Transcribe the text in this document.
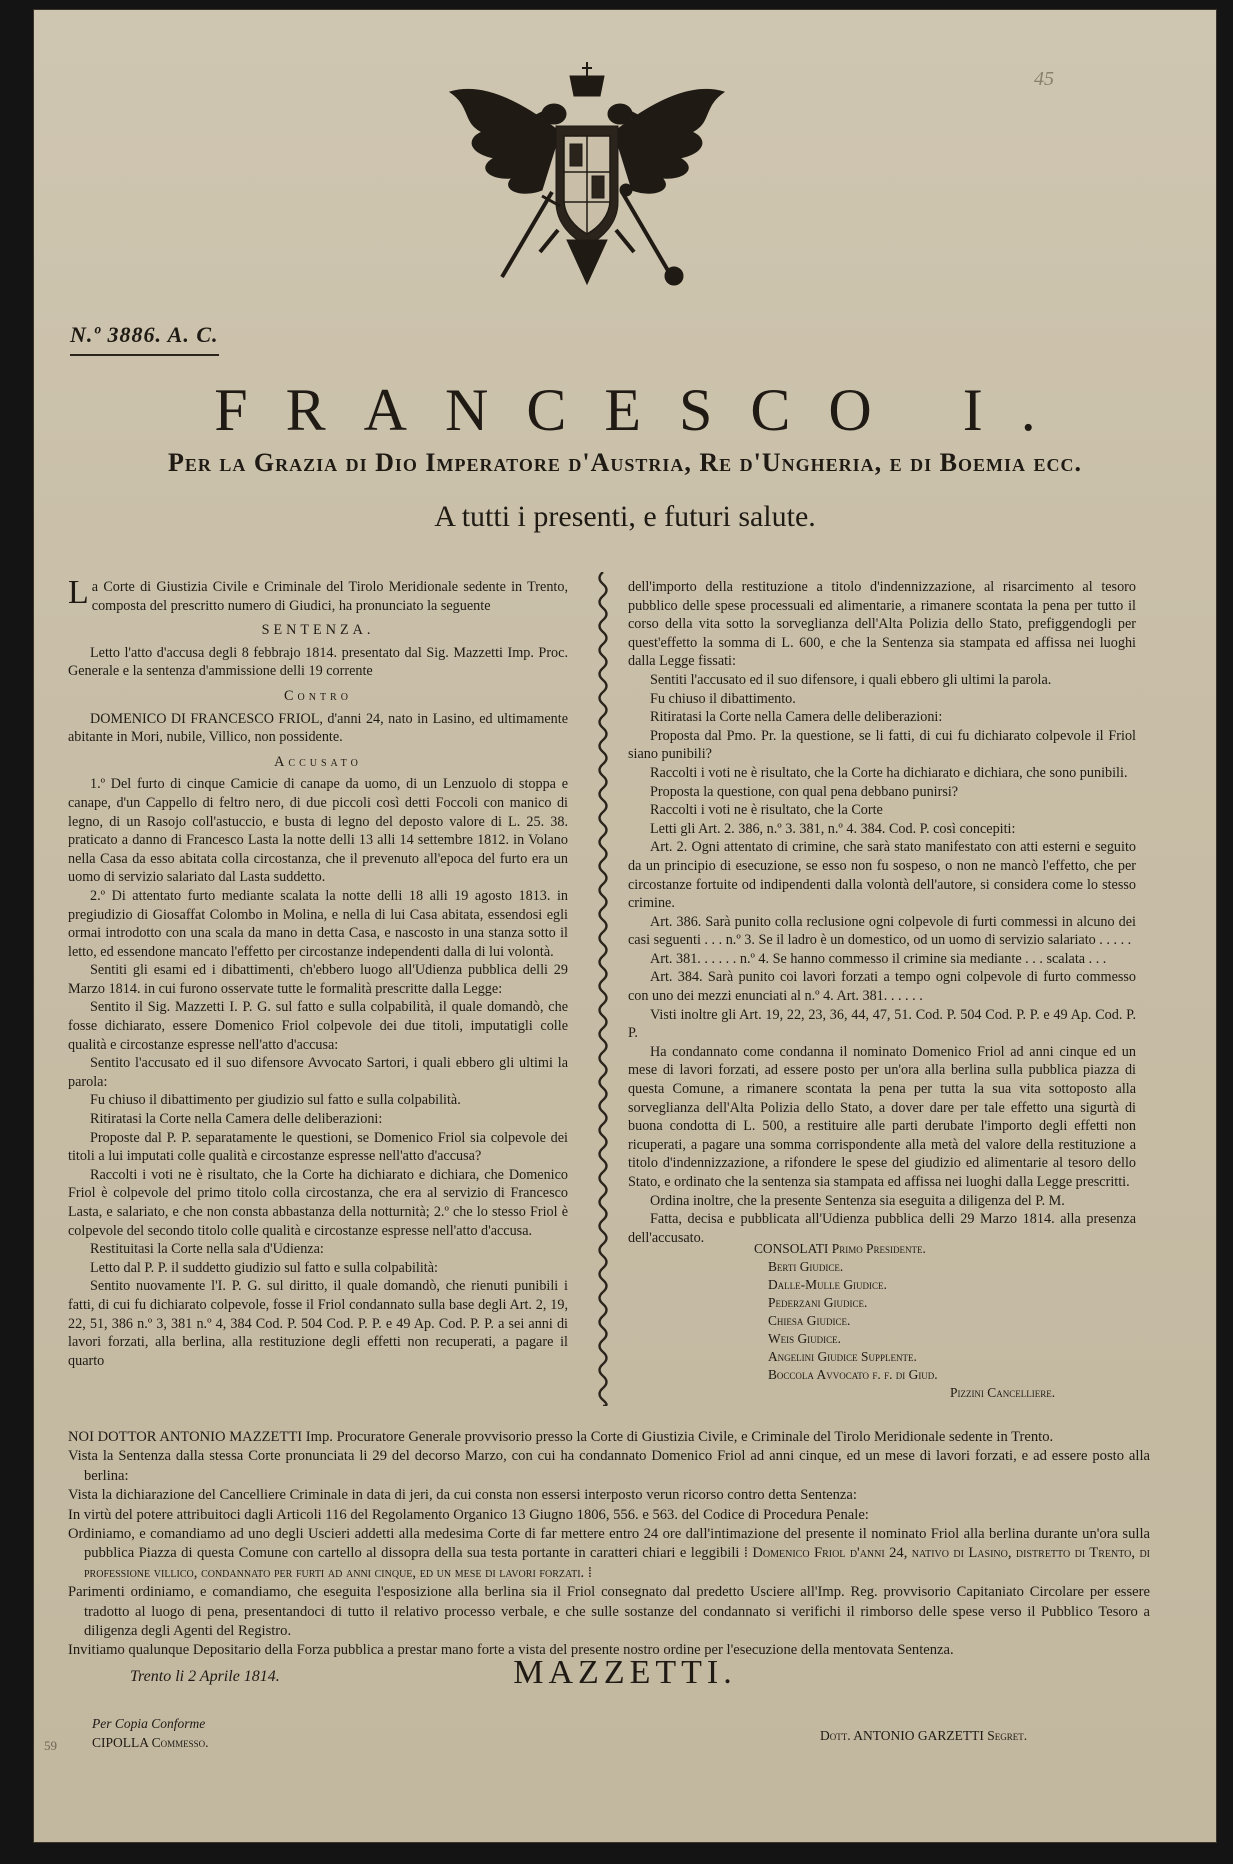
45
N.º 3886. A. C.
FRANCESCO I.
Per la Grazia di Dio Imperatore d'Austria, Re d'Ungheria, e di Boemia ecc.
A tutti i presenti, e futuri salute.

La Corte di Giustizia Civile e Criminale del Tirolo Meridionale sedente in Trento, composta del prescritto numero di Giudici, ha pronunciato la seguente

SENTENZA.

Letto l'atto d'accusa degli 8 febbrajo 1814. presentato dal Sig. Mazzetti Imp. Proc. Generale e la sentenza d'ammissione delli 19 corrente

Contro

DOMENICO DI FRANCESCO FRIOL, d'anni 24, nato in Lasino, ed ultimamente abitante in Mori, nubile, Villico, non possidente.

Accusato

1.º Del furto di cinque Camicie di canape da uomo, di un Lenzuolo di stoppa e canape, d'un Cappello di feltro nero, di due piccoli così detti Foccoli con manico di legno, di un Rasojo coll'astuccio, e busta di legno del deposto valore di L. 25. 38. praticato a danno di Francesco Lasta la notte delli 13 alli 14 settembre 1812. in Volano nella Casa da esso abitata colla circostanza, che il prevenuto all'epoca del furto era un uomo di servizio salariato dal Lasta suddetto.

2.º Di attentato furto mediante scalata la notte delli 18 alli 19 agosto 1813. in pregiudizio di Giosaffat Colombo in Molina, e nella di lui Casa abitata, essendosi egli ormai introdotto con una scala da mano in detta Casa, e nascosto in una stanza sotto il letto, ed essendone mancato l'effetto per circostanze independenti dalla di lui volontà.

Sentiti gli esami ed i dibattimenti, ch'ebbero luogo all'Udienza pubblica delli 29 Marzo 1814. in cui furono osservate tutte le formalità prescritte dalla Legge:

Sentito il Sig. Mazzetti I. P. G. sul fatto e sulla colpabilità, il quale domandò, che fosse dichiarato, essere Domenico Friol colpevole dei due titoli, imputatigli colle qualità e circostanze espresse nell'atto d'accusa:

Sentito l'accusato ed il suo difensore Avvocato Sartori, i quali ebbero gli ultimi la parola:

Fu chiuso il dibattimento per giudizio sul fatto e sulla colpabilità.

Ritiratasi la Corte nella Camera delle deliberazioni:

Proposte dal P. P. separatamente le questioni, se Domenico Friol sia colpevole dei titoli a lui imputati colle qualità e circostanze espresse nell'atto d'accusa?

Raccolti i voti ne è risultato, che la Corte ha dichiarato e dichiara, che Domenico Friol è colpevole del primo titolo colla circostanza, che era al servizio di Francesco Lasta, e salariato, e che non consta abbastanza della notturnità; 2.º che lo stesso Friol è colpevole del secondo titolo colle qualità e circostanze espresse nell'atto d'accusa.

Restituitasi la Corte nella sala d'Udienza:

Letto dal P. P. il suddetto giudizio sul fatto e sulla colpabilità:

Sentito nuovamente l'I. P. G. sul diritto, il quale domandò, che rienuti punibili i fatti, di cui fu dichiarato colpevole, fosse il Friol condannato sulla base degli Art. 2, 19, 22, 51, 386 n.º 3, 381 n.º 4, 384 Cod. P. 504 Cod. P. P. e 49 Ap. Cod. P. P. a sei anni di lavori forzati, alla berlina, alla restituzione degli effetti non recuperati, a pagare il quarto

dell'importo della restituzione a titolo d'indennizzazione, al risarcimento al tesoro pubblico delle spese processuali ed alimentarie, a rimanere scontata la pena per tutto il corso della vita sotto la sorveglianza dell'Alta Polizia dello Stato, prefiggendogli per quest'effetto la somma di L. 600, e che la Sentenza sia stampata ed affissa nei luoghi dalla Legge fissati:

Sentiti l'accusato ed il suo difensore, i quali ebbero gli ultimi la parola.

Fu chiuso il dibattimento.

Ritiratasi la Corte nella Camera delle deliberazioni:

Proposta dal Pmo. Pr. la questione, se li fatti, di cui fu dichiarato colpevole il Friol siano punibili?

Raccolti i voti ne è risultato, che la Corte ha dichiarato e dichiara, che sono punibili.

Proposta la questione, con qual pena debbano punirsi?

Raccolti i voti ne è risultato, che la Corte

Letti gli Art. 2. 386, n.º 3. 381, n.º 4. 384. Cod. P. così concepiti:

Art. 2. Ogni attentato di crimine, che sarà stato manifestato con atti esterni e seguito da un principio di esecuzione, se esso non fu sospeso, o non ne mancò l'effetto, che per circostanze fortuite od indipendenti dalla volontà dell'autore, si considera come lo stesso crimine.

Art. 386. Sarà punito colla reclusione ogni colpevole di furti commessi in alcuno dei casi seguenti . . . n.º 3. Se il ladro è un domestico, od un uomo di servizio salariato . . . . .

Art. 381. . . . . . n.º 4. Se hanno commesso il crimine sia mediante . . . scalata . . .

Art. 384. Sarà punito coi lavori forzati a tempo ogni colpevole di furto commesso con uno dei mezzi enunciati al n.º 4. Art. 381. . . . . .

Visti inoltre gli Art. 19, 22, 23, 36, 44, 47, 51. Cod. P. 504 Cod. P. P. e 49 Ap. Cod. P. P.

Ha condannato come condanna il nominato Domenico Friol ad anni cinque ed un mese di lavori forzati, ad essere posto per un'ora alla berlina sulla pubblica piazza di questa Comune, a rimanere scontata la pena per tutta la sua vita sottoposto alla sorveglianza dell'Alta Polizia dello Stato, a dover dare per tale effetto una sigurtà di buona condotta di L. 500, a restituire alle parti derubate l'importo degli effetti non ricuperati, a pagare una somma corrispondente alla metà del valore della restituzione a titolo d'indennizzazione, a rifondere le spese del giudizio ed alimentarie al tesoro dello Stato, e ordinato che la sentenza sia stampata ed affissa nei luoghi dalla Legge prescritti.

Ordina inoltre, che la presente Sentenza sia eseguita a diligenza del P. M.

Fatta, decisa e pubblicata all'Udienza pubblica delli 29 Marzo 1814. alla presenza dell'accusato.

CONSOLATI Primo Presidente.
Berti Giudice.
Dalle-Mulle Giudice.
Pederzani Giudice.
Chiesa Giudice.
Weis Giudice.
Angelini Giudice Supplente.
Boccola Avvocato f. f. di Giud.
Pizzini Cancelliere.

NOI DOTTOR ANTONIO MAZZETTI Imp. Procuratore Generale provvisorio presso la Corte di Giustizia Civile, e Criminale del Tirolo Meridionale sedente in Trento.

Vista la Sentenza dalla stessa Corte pronunciata li 29 del decorso Marzo, con cui ha condannato Domenico Friol ad anni cinque, ed un mese di lavori forzati, e ad essere posto alla berlina:

Vista la dichiarazione del Cancelliere Criminale in data di jeri, da cui consta non essersi interposto verun ricorso contro detta Sentenza:

In virtù del potere attribuitoci dagli Articoli 116 del Regolamento Organico 13 Giugno 1806, 556. e 563. del Codice di Procedura Penale:

Ordiniamo, e comandiamo ad uno degli Uscieri addetti alla medesima Corte di far mettere entro 24 ore dall'intimazione del presente il nominato Friol alla berlina durante un'ora sulla pubblica Piazza di questa Comune con cartello al dissopra della sua testa portante in caratteri chiari e leggibili ⁞ Domenico Friol d'anni 24, nativo di Lasino, distretto di Trento, di professione villico, condannato per furti ad anni cinque, ed un mese di lavori forzati. ⁞

Parimenti ordiniamo, e comandiamo, che eseguita l'esposizione alla berlina sia il Friol consegnato dal predetto Usciere all'Imp. Reg. provvisorio Capitaniato Circolare per essere tradotto al luogo di pena, presentandoci di tutto il relativo processo verbale, e che sulle sostanze del condannato si verifichi il rimborso delle spese verso il Pubblico Tesoro a diligenza degli Agenti del Registro.

Invitiamo qualunque Depositario della Forza pubblica a prestar mano forte a vista del presente nostro ordine per l'esecuzione della mentovata Sentenza.

Trento li 2 Aprile 1814.	MAZZETTI.
Per Copia Conforme
CIPOLLA Commesso.	Dott. ANTONIO GARZETTI Segret.
59
